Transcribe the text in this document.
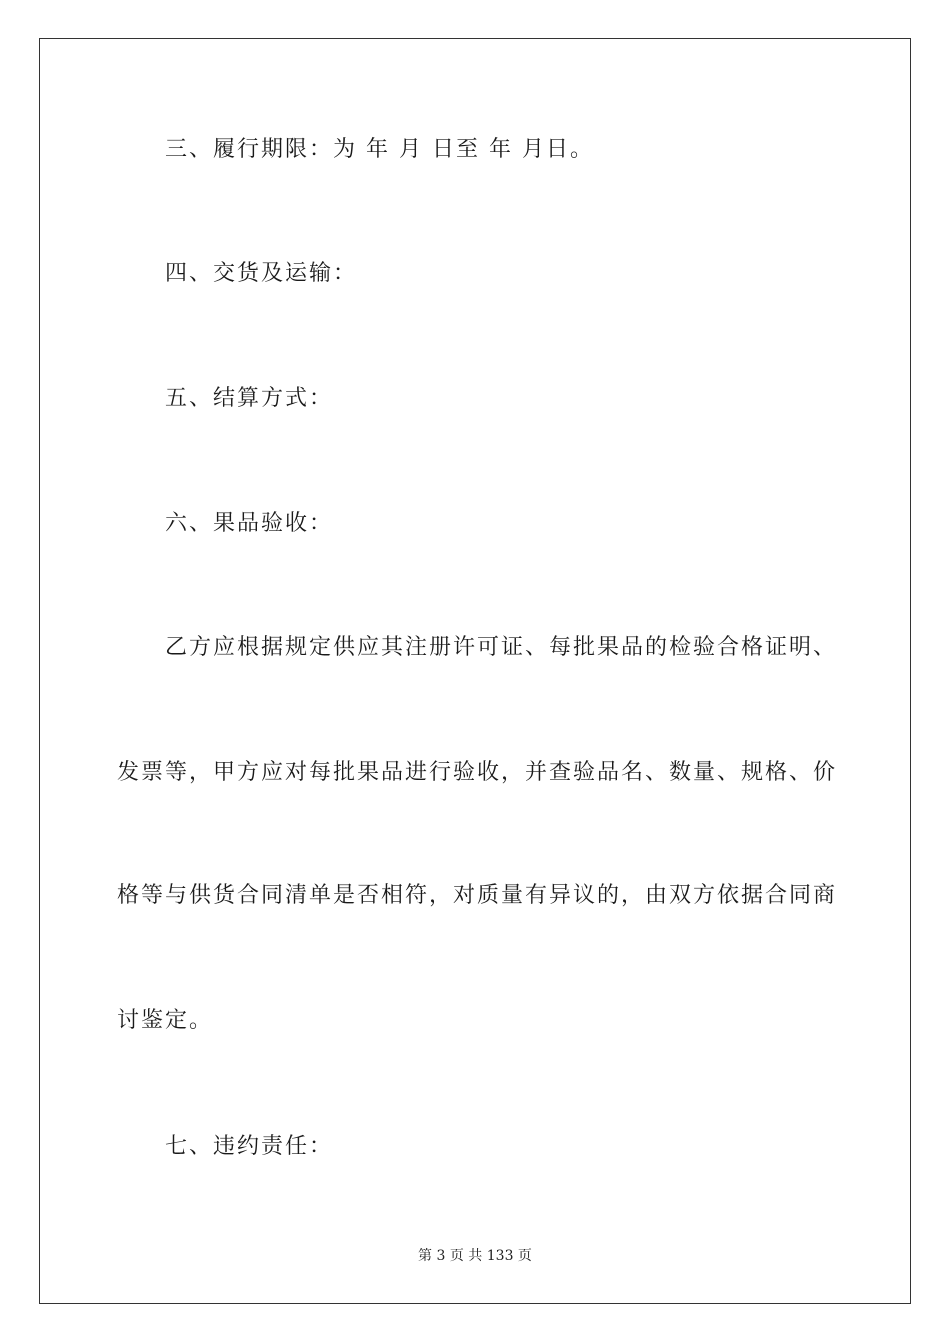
三、履行期限：为 年 月 日至 年 月日。
四、交货及运输：
五、结算方式：
六、果品验收：
乙方应根据规定供应其注册许可证、每批果品的检验合格证明、
发票等，甲方应对每批果品进行验收，并查验品名、数量、规格、价
格等与供货合同清单是否相符，对质量有异议的，由双方依据合同商
讨鉴定。
七、违约责任：
第 3 页 共 133 页
